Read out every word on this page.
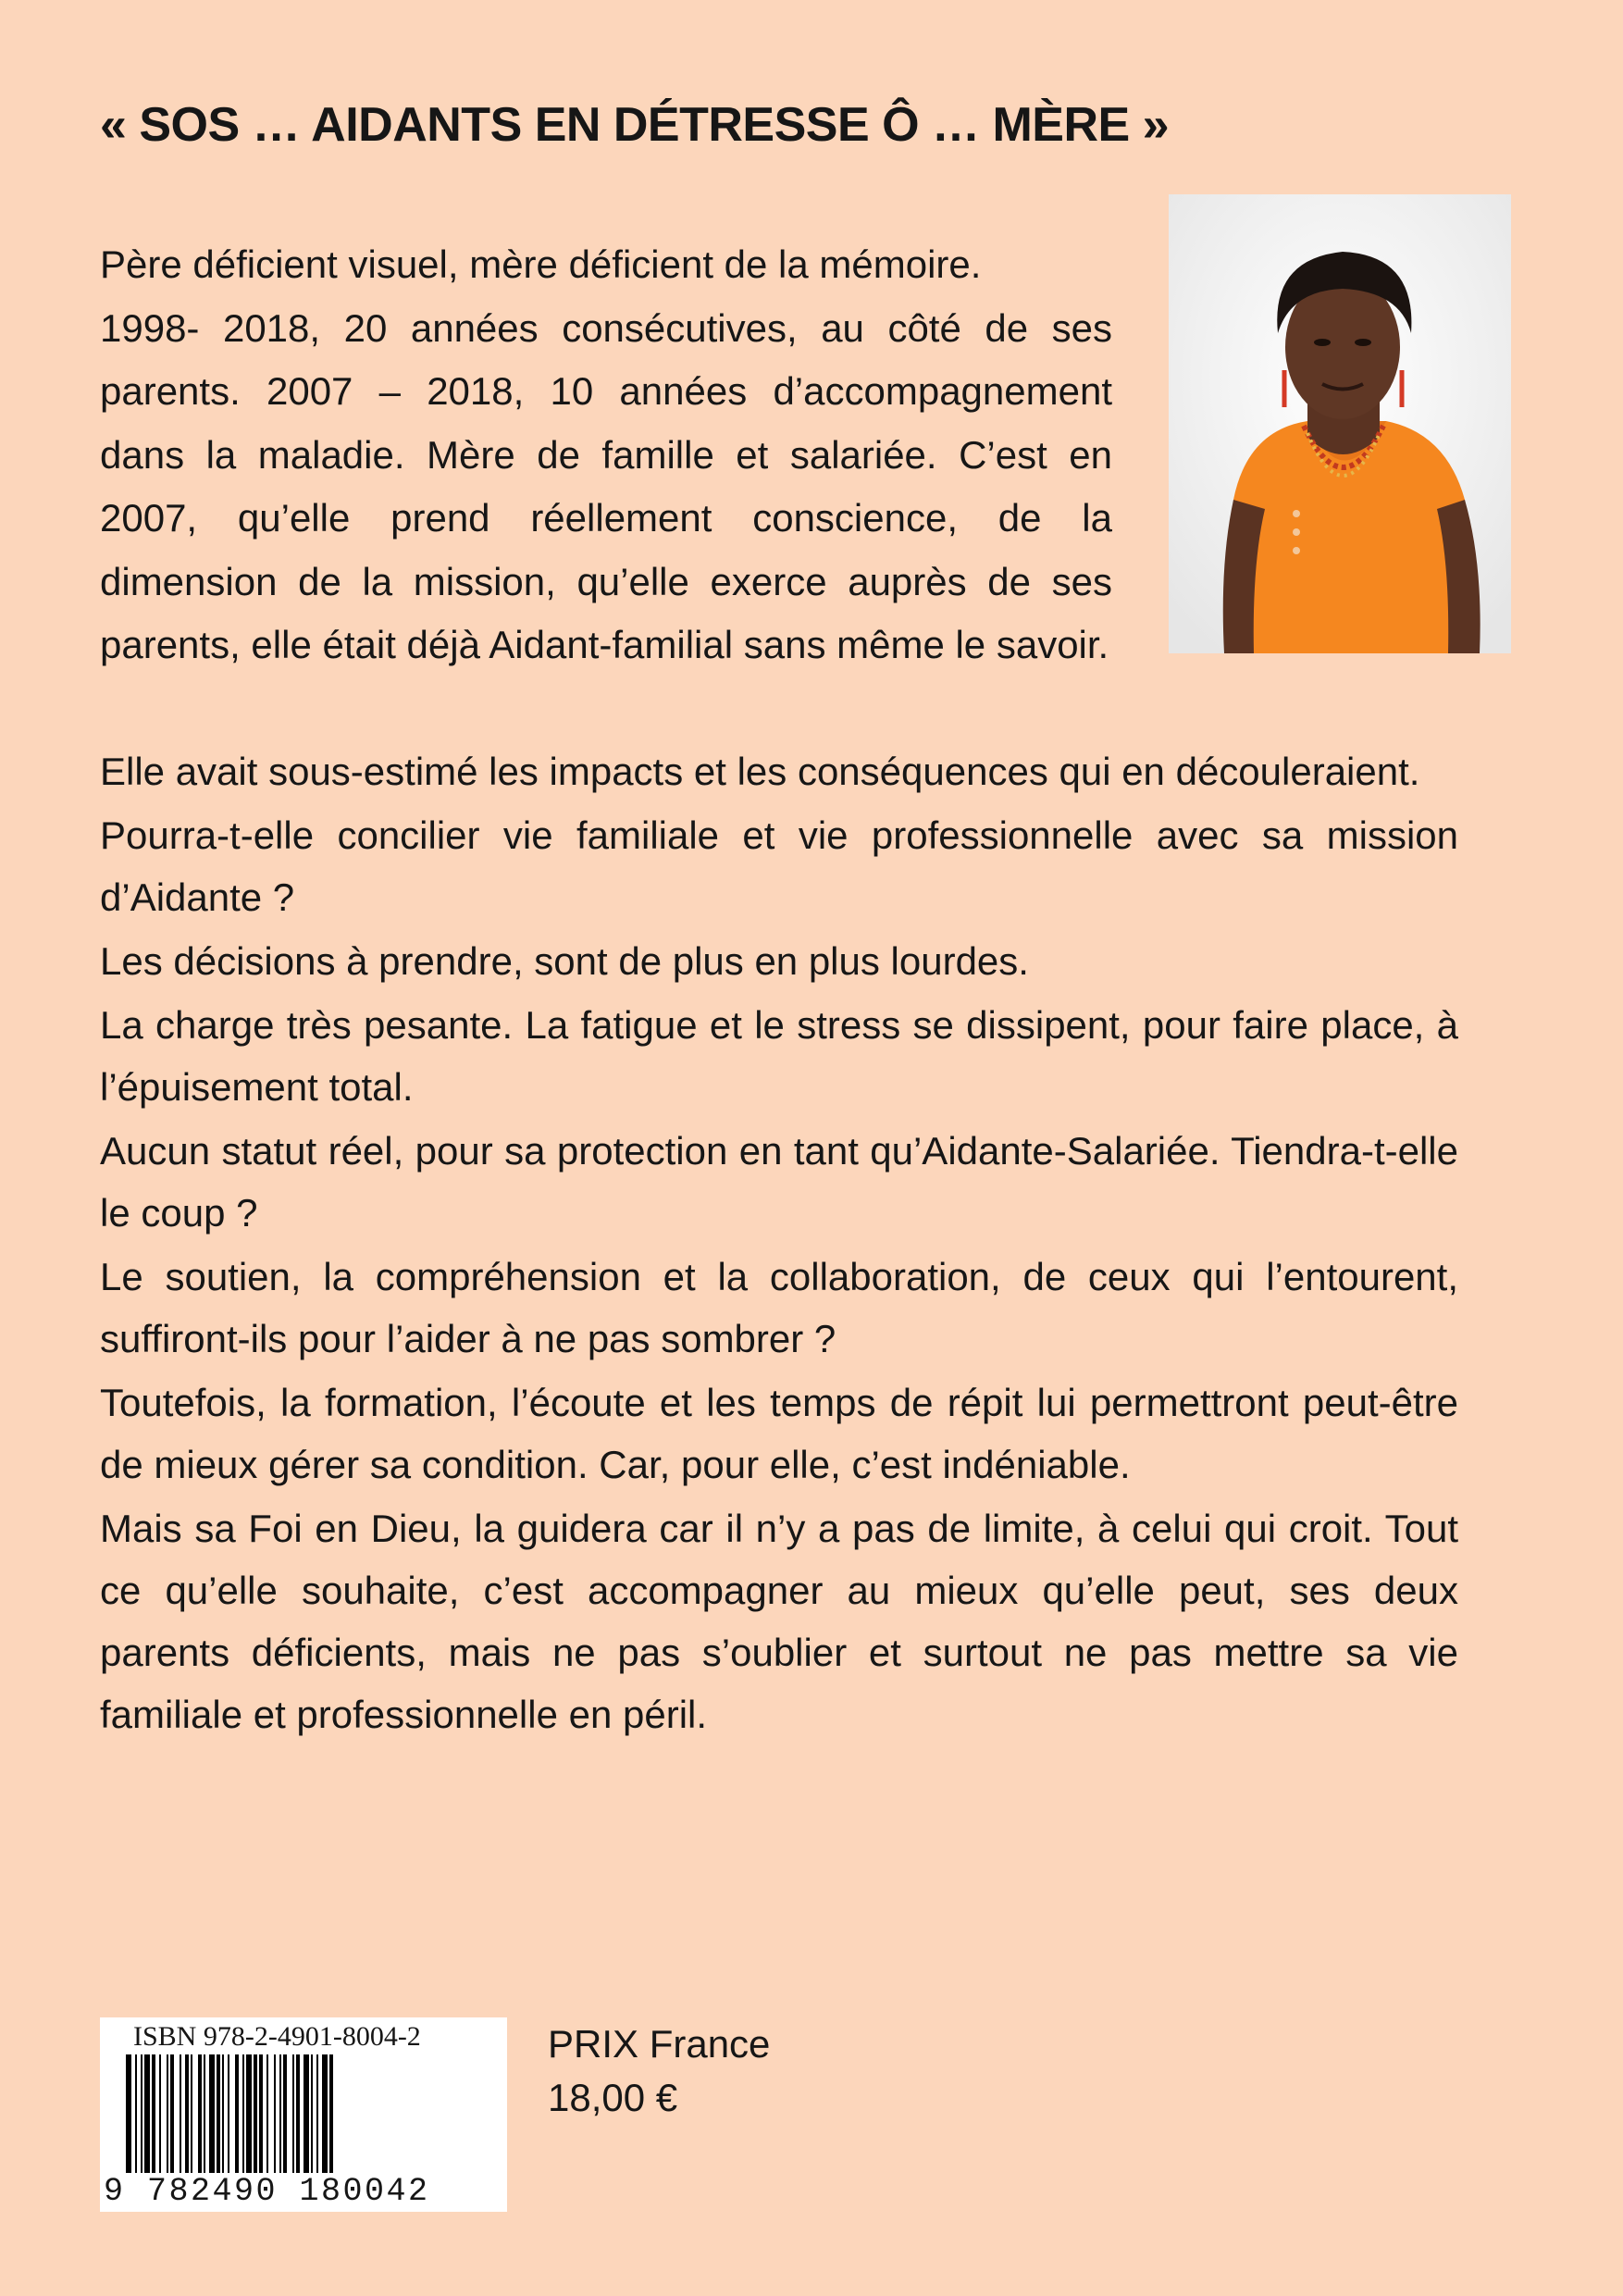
« SOS … AIDANTS EN DÉTRESSE Ô … MÈRE »

Père déficient visuel, mère déficient de la mémoire.

1998- 2018, 20 années consécutives, au côté de ses parents. 2007 – 2018, 10 années d’accompagnement dans la maladie. Mère de famille et salariée. C’est en 2007, qu’elle prend réellement conscience, de la dimension de la mission, qu’elle exerce auprès de ses parents, elle était déjà Aidant-familial sans même le savoir.

Elle avait sous-estimé les impacts et les conséquences qui en découleraient.

Pourra-t-elle concilier vie familiale et vie professionnelle avec sa mission d’Aidante ?

Les décisions à prendre, sont de plus en plus lourdes.

La charge très pesante. La fatigue et le stress se dissipent, pour faire place, à l’épuisement total.

Aucun statut réel, pour sa protection en tant qu’Aidante-Salariée. Tiendra-t-elle le coup ?

Le soutien, la compréhension et la collaboration, de ceux qui l’entourent, suffiront-ils pour l’aider à ne pas sombrer ?

Toutefois, la formation, l’écoute et les temps de répit lui permettront peut-être de mieux gérer sa condition. Car, pour elle, c’est indéniable.

Mais sa Foi en Dieu, la guidera car il n’y a pas de limite, à celui qui croit. Tout ce qu’elle souhaite, c’est accompagner au mieux qu’elle peut, ses deux parents déficients, mais ne pas s’oublier et surtout ne pas mettre sa vie familiale et professionnelle en péril.

ISBN 978-2-4901-8004-2
9 782490 180042
PRIX France
18,00 €
